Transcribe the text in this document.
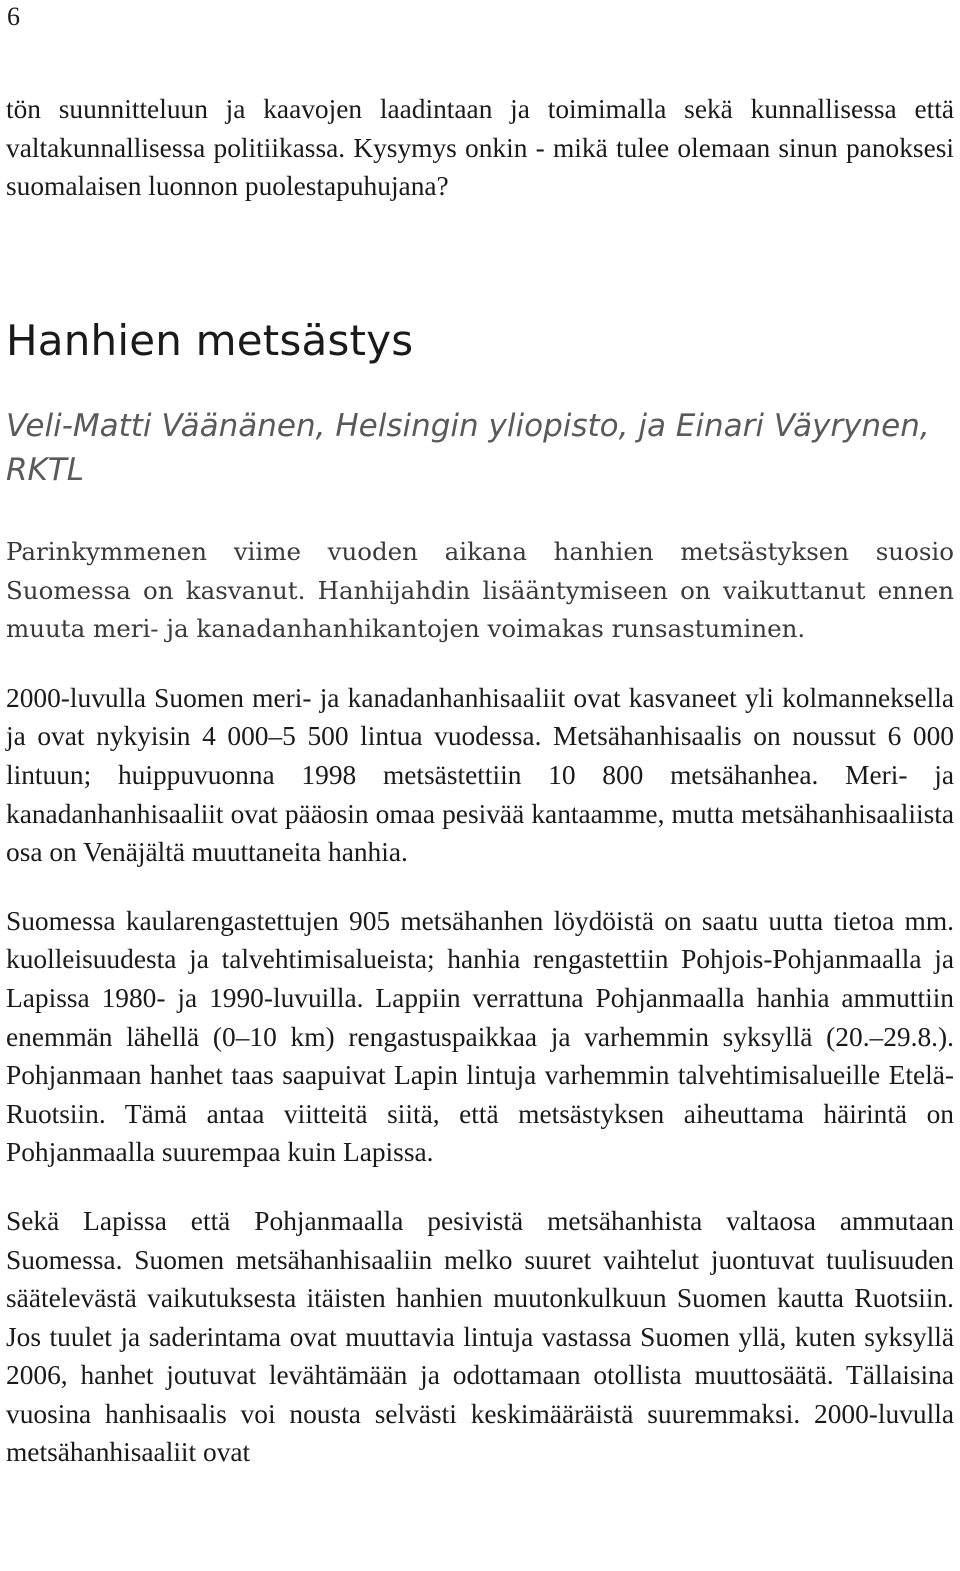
6

tön suunnitteluun ja kaavojen laadintaan ja toimimalla sekä kunnallisessa että valtakunnallisessa politiikassa. Kysymys onkin - mikä tulee olemaan sinun panoksesi suomalaisen luonnon puolestapuhujana?

Hanhien metsästys

Veli-Matti Väänänen, Helsingin yliopisto, ja Einari Väyrynen, RKTL

Parinkymmenen viime vuoden aikana hanhien metsästyksen suosio Suomessa on kasvanut. Hanhijahdin lisääntymiseen on vaikuttanut ennen muuta meri- ja kanadanhanhikantojen voimakas runsastuminen.

2000-luvulla Suomen meri- ja kanadanhanhisaaliit ovat kasvaneet yli kolmanneksella ja ovat nykyisin 4 000–5 500 lintua vuodessa. Metsähanhisaalis on noussut 6 000 lintuun; huippuvuonna 1998 metsästettiin 10 800 metsähanhea. Meri- ja kanadanhanhisaaliit ovat pääosin omaa pesivää kantaamme, mutta metsähanhisaaliista osa on Venäjältä muuttaneita hanhia.

Suomessa kaularengastettujen 905 metsähanhen löydöistä on saatu uutta tietoa mm. kuolleisuudesta ja talvehtimisalueista; hanhia rengastettiin Pohjois-Pohjanmaalla ja Lapissa 1980- ja 1990-luvuilla. Lappiin verrattuna Pohjanmaalla hanhia ammuttiin enemmän lähellä (0–10 km) rengastuspaikkaa ja varhemmin syksyllä (20.–29.8.). Pohjanmaan hanhet taas saapuivat Lapin lintuja varhemmin talvehtimisalueille Etelä-Ruotsiin. Tämä antaa viitteitä siitä, että metsästyksen aiheuttama häirintä on Pohjanmaalla suurempaa kuin Lapissa.

Sekä Lapissa että Pohjanmaalla pesivistä metsähanhista valtaosa ammutaan Suomessa. Suomen metsähanhisaaliin melko suuret vaihtelut juontuvat tuulisuuden säätelevästä vaikutuksesta itäisten hanhien muutonkulkuun Suomen kautta Ruotsiin. Jos tuulet ja saderintama ovat muuttavia lintuja vastassa Suomen yllä, kuten syksyllä 2006, hanhet joutuvat levähtämään ja odottamaan otollista muuttosäätä. Tällaisina vuosina hanhisaalis voi nousta selvästi keskimääräistä suuremmaksi. 2000-luvulla metsähanhisaaliit ovat
